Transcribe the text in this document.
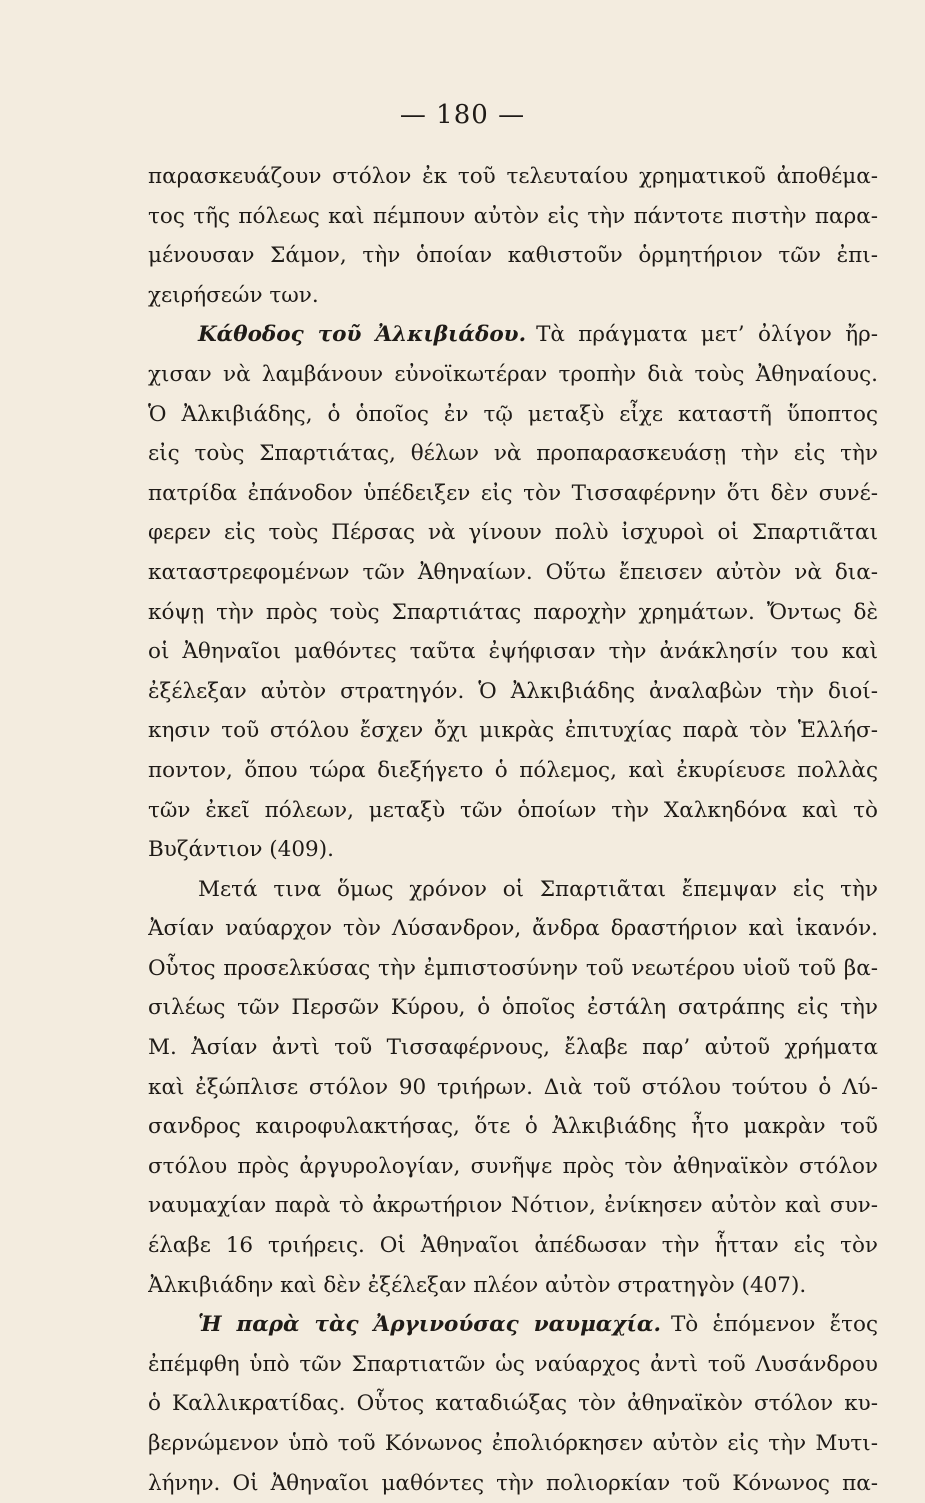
— 180 —
παρασκευάζουν στόλον ἐκ τοῦ τελευταίου χρηματικοῦ ἀποθέμα-
τος τῆς πόλεως καὶ πέμπουν αὐτὸν εἰς τὴν πάντοτε πιστὴν παρα-
μένουσαν Σάμον, τὴν ὁποίαν καθιστοῦν ὁρμητήριον τῶν ἐπι-
χειρήσεών των.
Κάθοδος τοῦ Ἀλκιβιάδου. Τὰ πράγματα μετ’ ὀλίγον ἤρ-
χισαν νὰ λαμβάνουν εὐνοϊκωτέραν τροπὴν διὰ τοὺς Ἀθηναίους.
Ὁ Ἀλκιβιάδης, ὁ ὁποῖος ἐν τῷ μεταξὺ εἶχε καταστῆ ὕποπτος
εἰς τοὺς Σπαρτιάτας, θέλων νὰ προπαρασκευάσῃ τὴν εἰς τὴν
πατρίδα ἐπάνοδον ὑπέδειξεν εἰς τὸν Τισσαφέρνην ὅτι δὲν συνέ-
φερεν εἰς τοὺς Πέρσας νὰ γίνουν πολὺ ἰσχυροὶ οἱ Σπαρτιᾶται
καταστρεφομένων τῶν Ἀθηναίων. Οὕτω ἔπεισεν αὐτὸν νὰ δια-
κόψῃ τὴν πρὸς τοὺς Σπαρτιάτας παροχὴν χρημάτων. Ὄντως δὲ
οἱ Ἀθηναῖοι μαθόντες ταῦτα ἐψήφισαν τὴν ἀνάκλησίν του καὶ
ἐξέλεξαν αὐτὸν στρατηγόν. Ὁ Ἀλκιβιάδης ἀναλαβὼν τὴν διοί-
κησιν τοῦ στόλου ἔσχεν ὄχι μικρὰς ἐπιτυχίας παρὰ τὸν Ἑλλήσ-
ποντον, ὅπου τώρα διεξήγετο ὁ πόλεμος, καὶ ἐκυρίευσε πολλὰς
τῶν ἐκεῖ πόλεων, μεταξὺ τῶν ὁποίων τὴν Χαλκηδόνα καὶ τὸ
Βυζάντιον (409).
Μετά τινα ὅμως χρόνον οἱ Σπαρτιᾶται ἔπεμψαν εἰς τὴν
Ἀσίαν ναύαρχον τὸν Λύσανδρον, ἄνδρα δραστήριον καὶ ἱκανόν.
Οὗτος προσελκύσας τὴν ἐμπιστοσύνην τοῦ νεωτέρου υἱοῦ τοῦ βα-
σιλέως τῶν Περσῶν Κύρου, ὁ ὁποῖος ἐστάλη σατράπης εἰς τὴν
Μ. Ἀσίαν ἀντὶ τοῦ Τισσαφέρνους, ἔλαβε παρ’ αὐτοῦ χρήματα
καὶ ἐξώπλισε στόλον 90 τριήρων. Διὰ τοῦ στόλου τούτου ὁ Λύ-
σανδρος καιροφυλακτήσας, ὅτε ὁ Ἀλκιβιάδης ἦτο μακρὰν τοῦ
στόλου πρὸς ἀργυρολογίαν, συνῆψε πρὸς τὸν ἀθηναϊκὸν στόλον
ναυμαχίαν παρὰ τὸ ἀκρωτήριον Νότιον, ἐνίκησεν αὐτὸν καὶ συν-
έλαβε 16 τριήρεις. Οἱ Ἀθηναῖοι ἀπέδωσαν τὴν ἧτταν εἰς τὸν
Ἀλκιβιάδην καὶ δὲν ἐξέλεξαν πλέον αὐτὸν στρατηγὸν (407).
Ἡ παρὰ τὰς Ἀργινούσας ναυμαχία. Τὸ ἑπόμενον ἔτος
ἐπέμφθη ὑπὸ τῶν Σπαρτιατῶν ὡς ναύαρχος ἀντὶ τοῦ Λυσάνδρου
ὁ Καλλικρατίδας. Οὗτος καταδιώξας τὸν ἀθηναϊκὸν στόλον κυ-
βερνώμενον ὑπὸ τοῦ Κόνωνος ἐπολιόρκησεν αὐτὸν εἰς τὴν Μυτι-
λήνην. Οἱ Ἀθηναῖοι μαθόντες τὴν πολιορκίαν τοῦ Κόνωνος πα-
